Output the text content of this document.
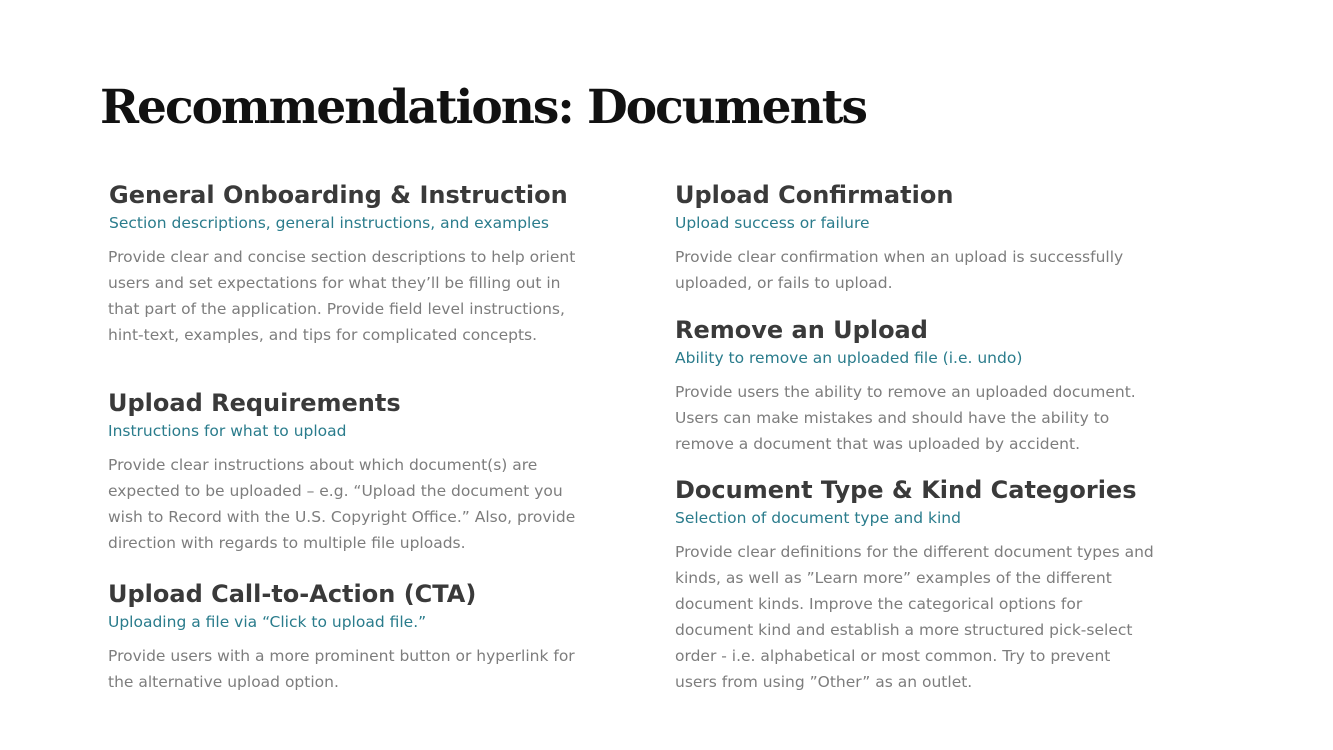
Recommendations: Documents
General Onboarding & Instruction

Section descriptions, general instructions, and examples

Provide clear and concise section descriptions to help orient users and set expectations for what they’ll be filling out in that part of the application. Provide field level instructions, hint-text, examples, and tips for complicated concepts.

Upload Requirements

Instructions for what to upload

Provide clear instructions about which document(s) are expected to be uploaded – e.g. “Upload the document you wish to Record with the U.S. Copyright Office.” Also, provide direction with regards to multiple file uploads.

Upload Call-to-Action (CTA)

Uploading a file via “Click to upload file.”

Provide users with a more prominent button or hyperlink for the alternative upload option.

Upload Confirmation

Upload success or failure

Provide clear confirmation when an upload is successfully uploaded, or fails to upload.

Remove an Upload

Ability to remove an uploaded file (i.e. undo)

Provide users the ability to remove an uploaded document. Users can make mistakes and should have the ability to remove a document that was uploaded by accident.

Document Type & Kind Categories

Selection of document type and kind

Provide clear definitions for the different document types and kinds, as well as ”Learn more” examples of the different document kinds. Improve the categorical options for document kind and establish a more structured pick-select order - i.e. alphabetical or most common. Try to prevent users from using ”Other” as an outlet.
